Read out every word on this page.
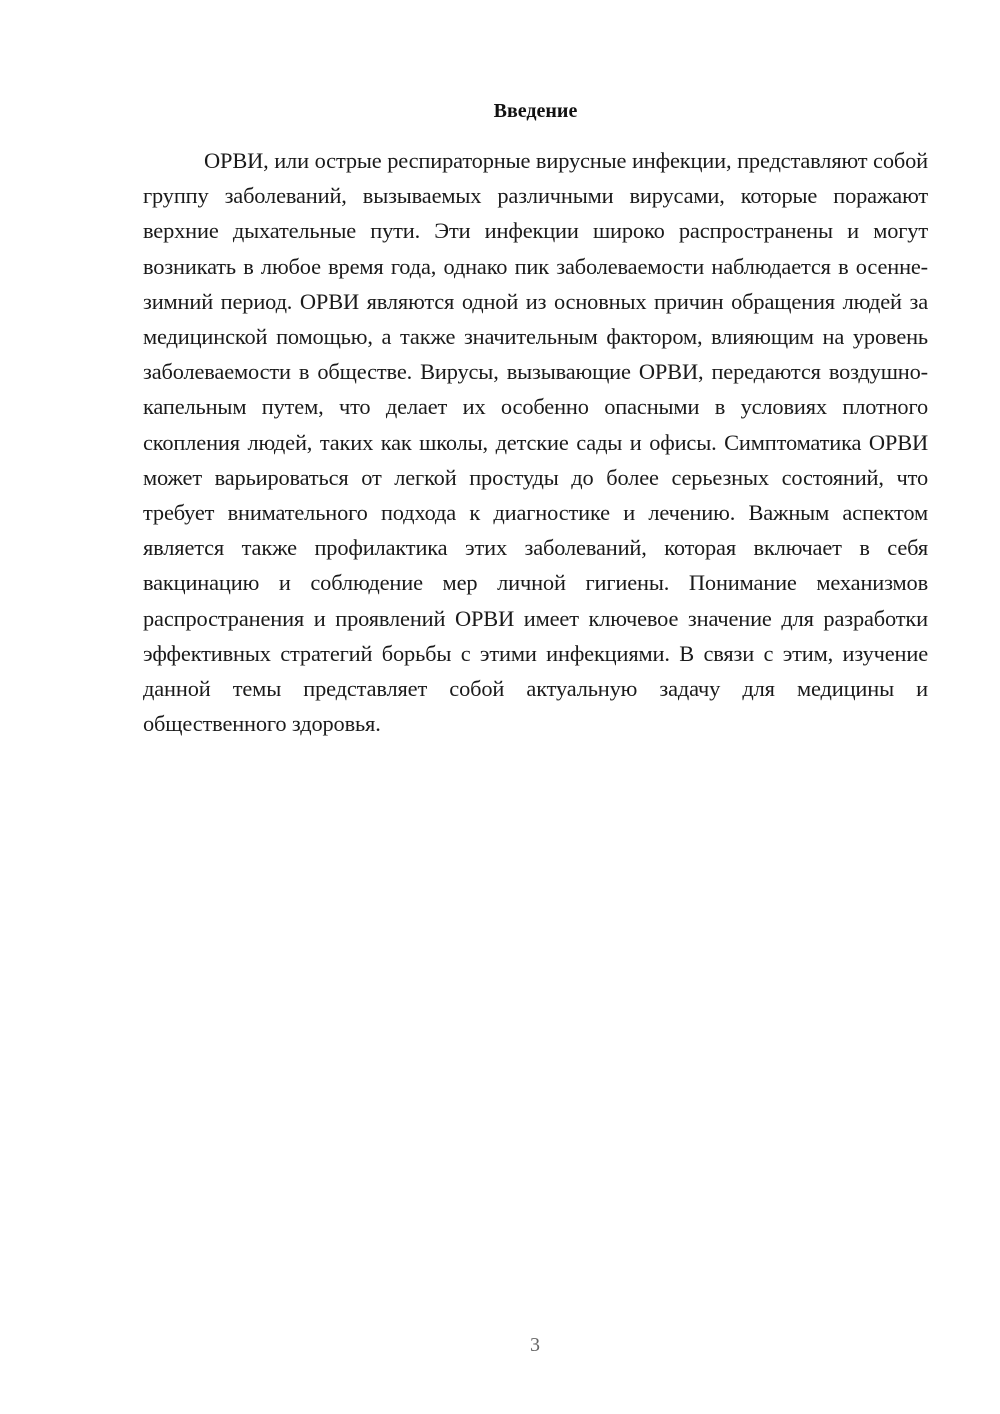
Введение

ОРВИ, или острые респираторные вирусные инфекции, представляют собой группу заболеваний, вызываемых различными вирусами, которые поражают верхние дыхательные пути. Эти инфекции широко распространены и могут возникать в любое время года, однако пик заболеваемости наблюдается в осенне-зимний период. ОРВИ являются одной из основных причин обращения людей за медицинской помощью, а также значительным фактором, влияющим на уровень заболеваемости в обществе. Вирусы, вызывающие ОРВИ, передаются воздушно-капельным путем, что делает их особенно опасными в условиях плотного скопления людей, таких как школы, детские сады и офисы. Симптоматика ОРВИ может варьироваться от легкой простуды до более серьезных состояний, что требует внимательного подхода к диагностике и лечению. Важным аспектом является также профилактика этих заболеваний, которая включает в себя вакцинацию и соблюдение мер личной гигиены. Понимание механизмов распространения и проявлений ОРВИ имеет ключевое значение для разработки эффективных стратегий борьбы с этими инфекциями. В связи с этим, изучение данной темы представляет собой актуальную задачу для медицины и общественного здоровья.

3
